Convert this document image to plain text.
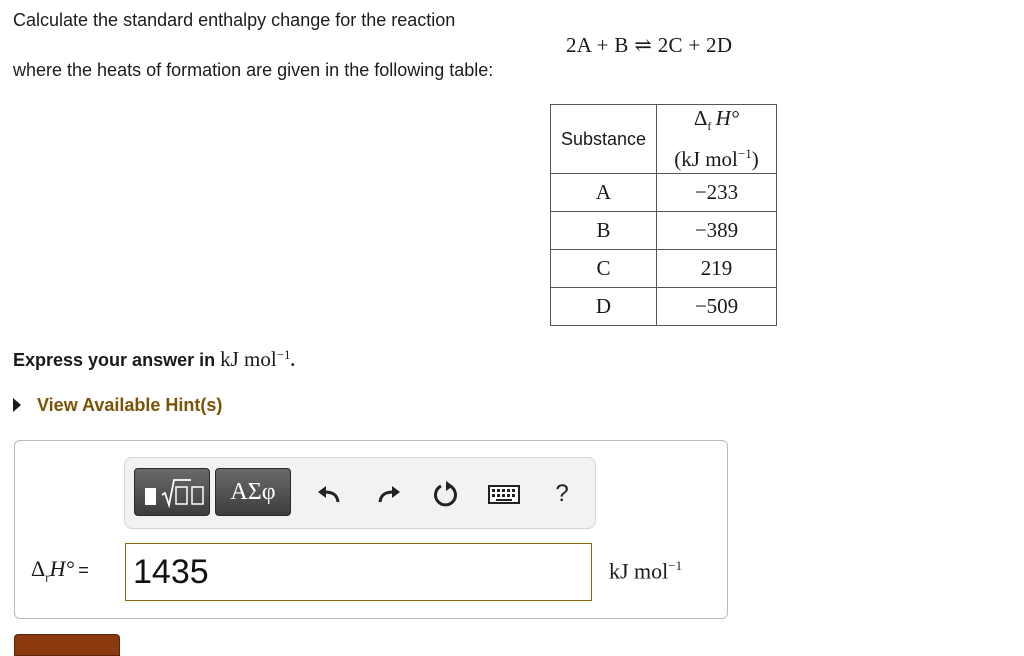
Calculate the standard enthalpy change for the reaction
2A + B ⇌ 2C + 2D
where the heats of formation are given in the following table:
Substance	$\Delta_f$  H°
(kJ mol$^{-1}$)
A	−233
B	−389
C	219
D	−509
Express your answer in kJ mol$^{-1}$.
View Available Hint(s)
ΑΣφ	?
$\Delta_rH^\circ$ =
1435	kJ mol$^{-1}$
